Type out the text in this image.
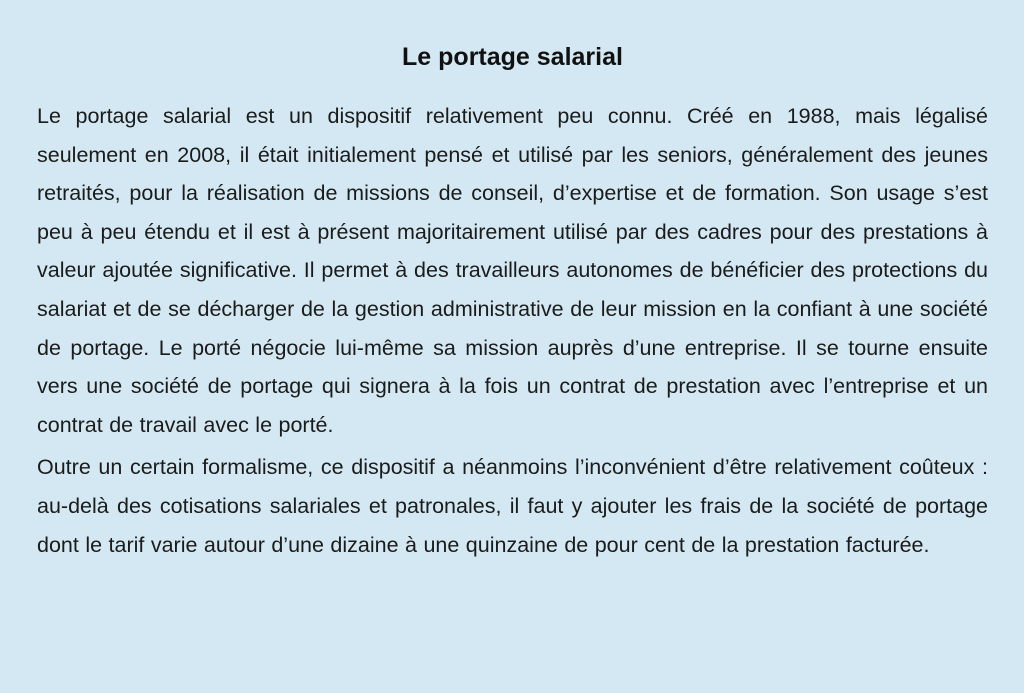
Le portage salarial

Le portage salarial est un dispositif relativement peu connu. Créé en 1988, mais légalisé seulement en 2008, il était initialement pensé et utilisé par les seniors, généralement des jeunes retraités, pour la réalisation de missions de conseil, d’expertise et de formation. Son usage s’est peu à peu étendu et il est à présent majoritairement utilisé par des cadres pour des prestations à valeur ajoutée significative. Il permet à des travailleurs autonomes de bénéficier des protections du salariat et de se décharger de la gestion administrative de leur mission en la confiant à une société de portage. Le porté négocie lui-même sa mission auprès d’une entreprise. Il se tourne ensuite vers une société de portage qui signera à la fois un contrat de prestation avec l’entreprise et un contrat de travail avec le porté.

Outre un certain formalisme, ce dispositif a néanmoins l’inconvénient d’être relativement coûteux : au-delà des cotisations salariales et patronales, il faut y ajouter les frais de la société de portage dont le tarif varie autour d’une dizaine à une quinzaine de pour cent de la prestation facturée.
